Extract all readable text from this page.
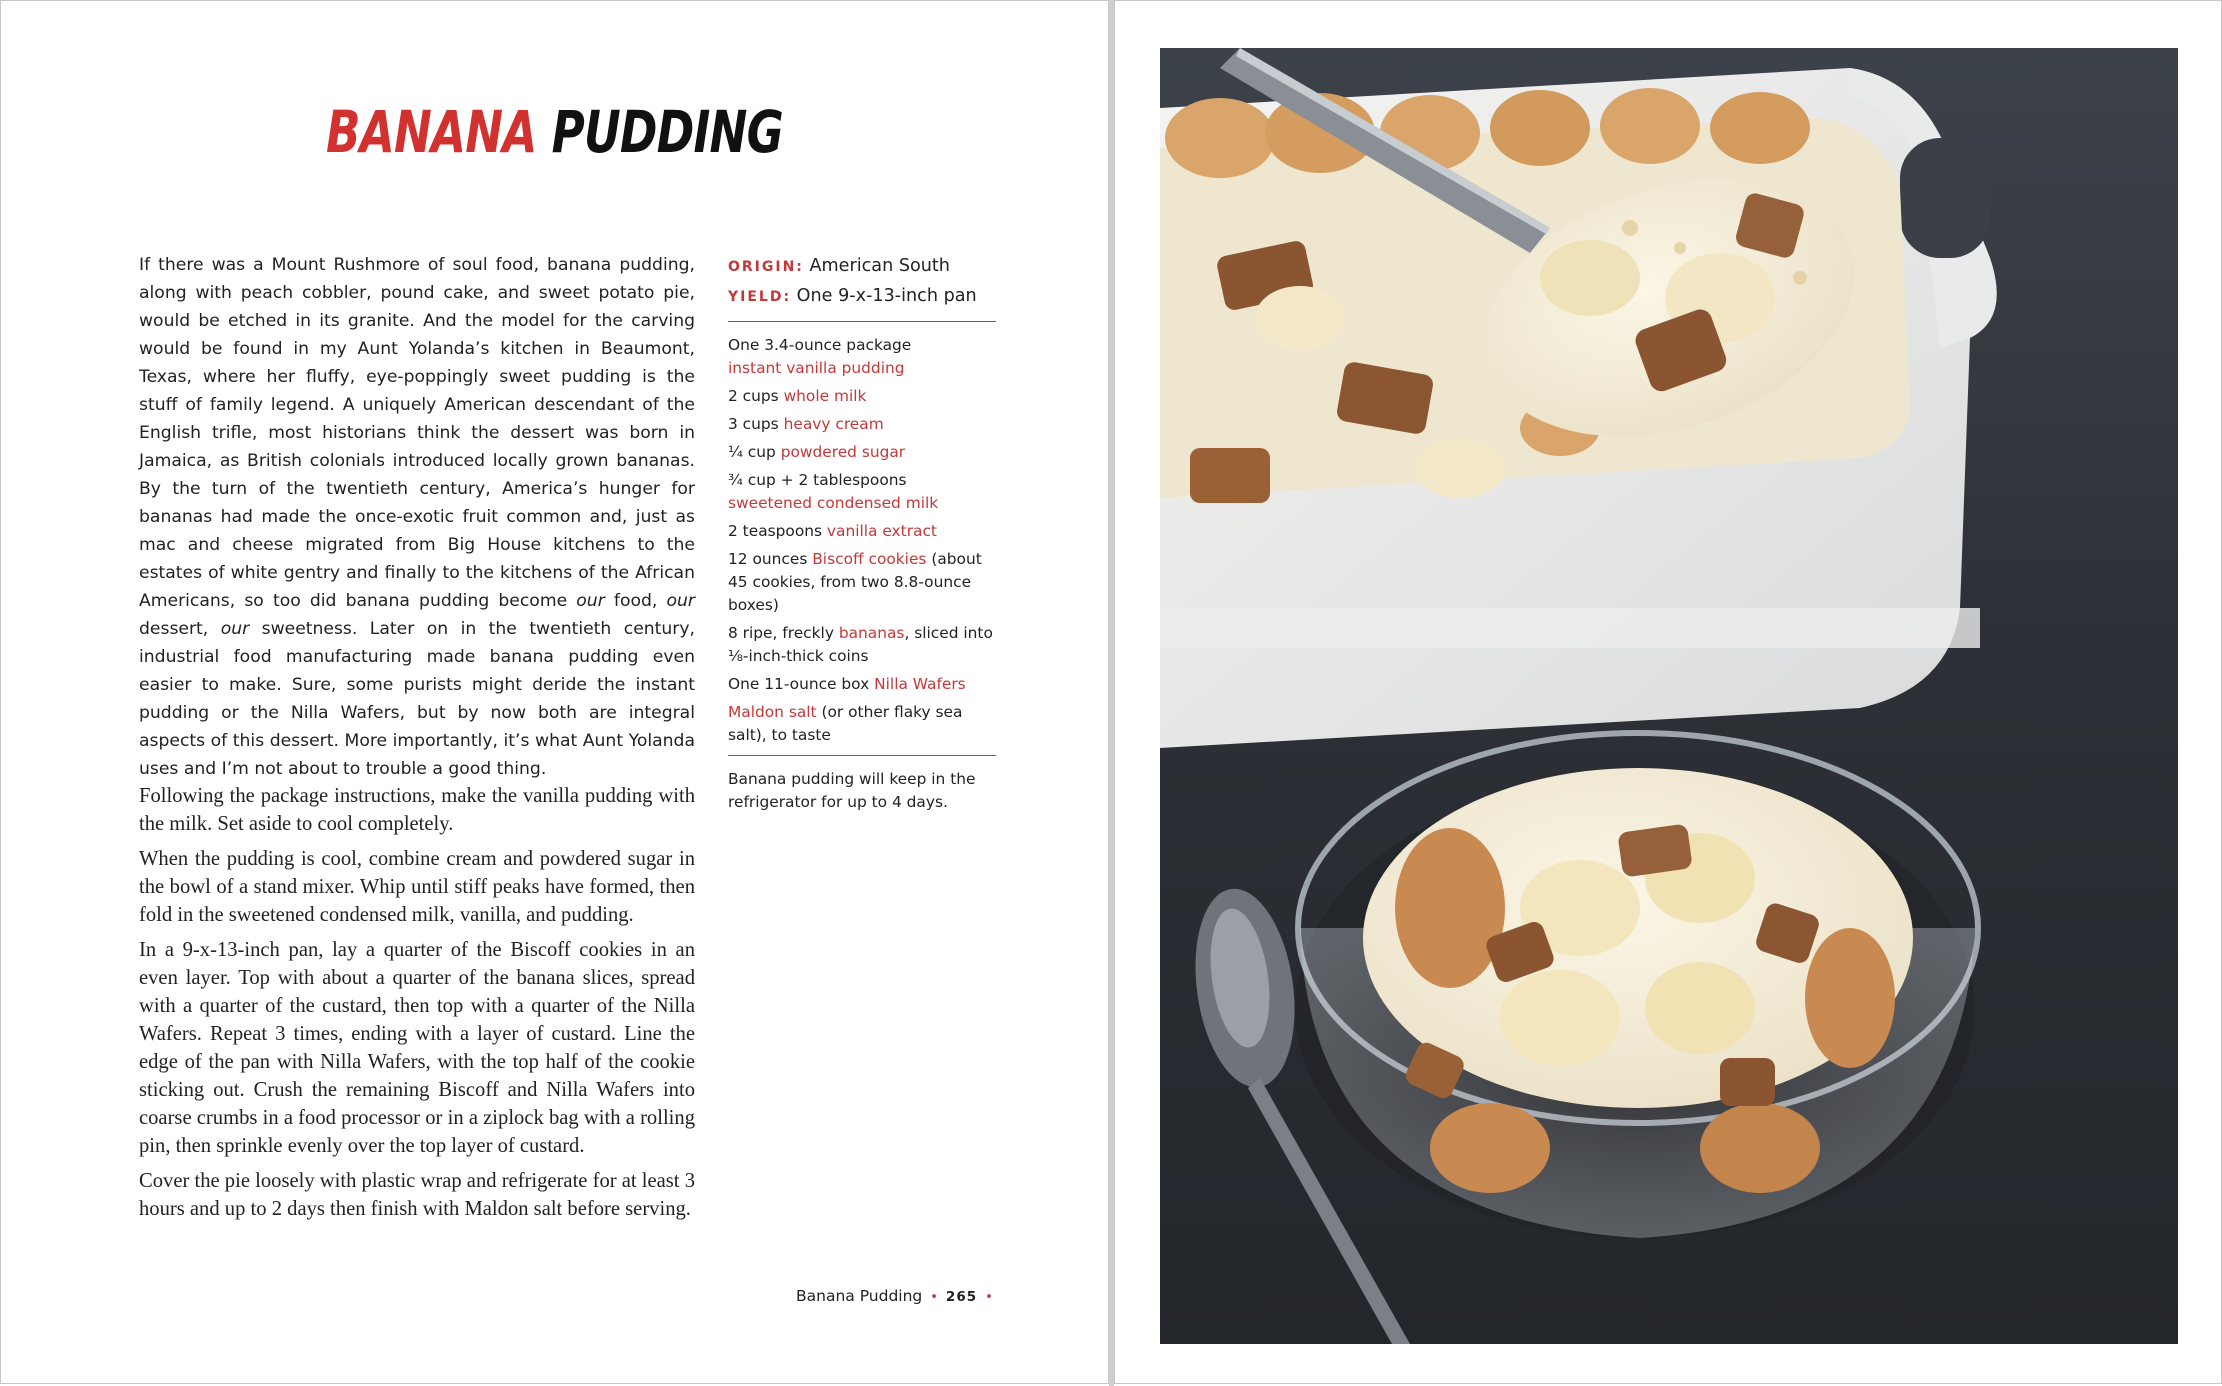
BANANA PUDDING

If there was a Mount Rushmore of soul food, banana pudding, along with peach cobbler, pound cake, and sweet potato pie, would be etched in its granite. And the model for the carving would be found in my Aunt Yolanda’s kitchen in Beaumont, Texas, where her fluffy, eye-poppingly sweet pudding is the stuff of family legend. A uniquely American descendant of the English trifle, most historians think the dessert was born in Jamaica, as British colonials introduced locally grown bananas. By the turn of the twentieth century, America’s hunger for bananas had made the once-exotic fruit common and, just as mac and cheese migrated from Big House kitchens to the estates of white gentry and finally to the kitchens of the African Americans, so too did banana pudding become our food, our dessert, our sweetness. Later on in the twentieth century, industrial food manufacturing made banana pudding even easier to make. Sure, some purists might deride the instant pudding or the Nilla Wafers, but by now both are integral aspects of this dessert. More importantly, it’s what Aunt Yolanda uses and I’m not about to trouble a good thing.

Following the package instructions, make the vanilla pudding with the milk. Set aside to cool completely.

When the pudding is cool, combine cream and powdered sugar in the bowl of a stand mixer. Whip until stiff peaks have formed, then fold in the sweetened condensed milk, vanilla, and pudding.

In a 9-x-13-inch pan, lay a quarter of the Biscoff cookies in an even layer. Top with about a quarter of the banana slices, spread with a quarter of the custard, then top with a quarter of the Nilla Wafers. Repeat 3 times, ending with a layer of custard. Line the edge of the pan with Nilla Wafers, with the top half of the cookie sticking out. Crush the remaining Biscoff and Nilla Wafers into coarse crumbs in a food processor or in a ziplock bag with a rolling pin, then sprinkle evenly over the top layer of custard.

Cover the pie loosely with plastic wrap and refrigerate for at least 3 hours and up to 2 days then finish with Maldon salt before serving.

ORIGIN: American South
YIELD: One 9-x-13-inch pan
One 3.4-ounce package
instant vanilla pudding
2 cups whole milk
3 cups heavy cream
¼ cup powdered sugar
¾ cup + 2 tablespoons
sweetened condensed milk
2 teaspoons vanilla extract
12 ounces Biscoff cookies (about 45 cookies, from two 8.8-ounce boxes)
8 ripe, freckly bananas, sliced into ⅛-inch-thick coins
One 11-ounce box Nilla Wafers
Maldon salt (or other flaky sea salt), to taste
Banana pudding will keep in the refrigerator for up to 4 days.
Banana Pudding • 265 •
